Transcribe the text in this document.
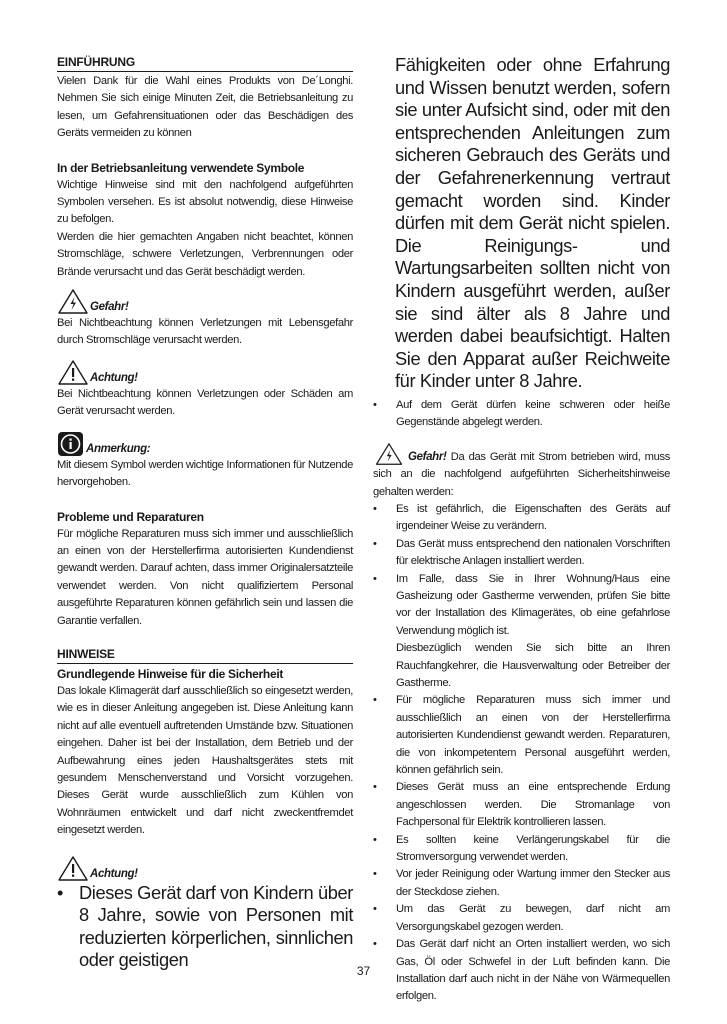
EINFÜHRUNG

Vielen Dank für die Wahl eines Produkts von De´Longhi. Nehmen Sie sich einige Minuten Zeit, die Betriebsanleitung zu lesen, um Gefahrensituationen oder das Beschädigen des Geräts vermeiden zu können

In der Betriebsanleitung verwendete Symbole

Wichtige Hinweise sind mit den nachfolgend aufgeführten Symbolen versehen. Es ist absolut notwendig, diese Hinweise zu befolgen.

Werden die hier gemachten Angaben nicht beachtet, können Stromschläge, schwere Verletzungen, Verbrennungen oder Brände verursacht und das Gerät beschädigt werden.

Gefahr!

Bei Nichtbeachtung können Verletzungen mit Lebensgefahr durch Stromschläge verursacht werden.

Achtung!

Bei Nichtbeachtung können Verletzungen oder Schäden am Gerät verursacht werden.

Anmerkung:

Mit diesem Symbol werden wichtige Informationen für Nutzende hervorgehoben.

Probleme und Reparaturen

Für mögliche Reparaturen muss sich immer und ausschließlich an einen von der Herstellerfirma autorisierten Kundendienst gewandt werden. Darauf achten, dass immer Originalersatzteile verwendet werden. Von nicht qualifiziertem Personal ausgeführte Reparaturen können gefährlich sein und lassen die Garantie verfallen.

HINWEISE
Grundlegende Hinweise für die Sicherheit

Das lokale Klimagerät darf ausschließlich so eingesetzt werden, wie es in dieser Anleitung angegeben ist. Diese Anleitung kann nicht auf alle eventuell auftretenden Umstände bzw. Situationen eingehen. Daher ist bei der Installation, dem Betrieb und der Aufbewahrung eines jeden Haushaltsgerätes stets mit gesundem Menschenverstand und Vorsicht vorzugehen. Dieses Gerät wurde ausschließlich zum Kühlen von Wohnräumen entwickelt und darf nicht zweckentfremdet eingesetzt werden.

Achtung!
• Dieses Gerät darf von Kindern über 8 Jahre, sowie von Personen mit reduzierten körperlichen, sinnlichen oder geistigen

Fähigkeiten oder ohne Erfahrung und Wissen benutzt werden, sofern sie unter Aufsicht sind, oder mit den entsprechenden Anleitungen zum sicheren Gebrauch des Geräts und der Gefahrenerkennung vertraut gemacht worden sind. Kinder dürfen mit dem Gerät nicht spielen. Die Reinigungs- und Wartungsarbeiten sollten nicht von Kindern ausgeführt werden, außer sie sind älter als 8 Jahre und werden dabei beaufsichtigt. Halten Sie den Apparat außer Reichweite für Kinder unter 8 Jahre.

•	Auf dem Gerät dürfen keine schweren oder heiße Gegenstände abgelegt werden.

Gefahr! Da das Gerät mit Strom betrieben wird, muss sich an die nachfolgend aufgeführten Sicherheitshinweise gehalten werden:

•	Es ist gefährlich, die Eigenschaften des Geräts auf irgendeiner Weise zu verändern.
•	Das Gerät muss entsprechend den nationalen Vorschriften für elektrische Anlagen installiert werden.
•	Im Falle, dass Sie in Ihrer Wohnung/Haus eine Gasheizung oder Gastherme verwenden, prüfen Sie bitte vor der Installation des Klimagerätes, ob eine gefahrlose Verwendung möglich ist.
Diesbezüglich wenden Sie sich bitte an Ihren Rauchfangkehrer, die Hausverwaltung oder Betreiber der Gastherme.
•	Für mögliche Reparaturen muss sich immer und ausschließlich an einen von der Herstellerfirma autorisierten Kundendienst gewandt werden. Reparaturen, die von inkompetentem Personal ausgeführt werden, können gefährlich sein.
•	Dieses Gerät muss an eine entsprechende Erdung angeschlossen werden. Die Stromanlage von Fachpersonal für Elektrik kontrollieren lassen.
•	Es sollten keine Verlängerungskabel für die Stromversorgung verwendet werden.
•	Vor jeder Reinigung oder Wartung immer den Stecker aus der Steckdose ziehen.
•	Um das Gerät zu bewegen, darf nicht am Versorgungskabel gezogen werden.
•	Das Gerät darf nicht an Orten installiert werden, wo sich Gas, Öl oder Schwefel in der Luft befinden kann. Die Installation darf auch nicht in der Nähe von Wärmequellen erfolgen.
37
